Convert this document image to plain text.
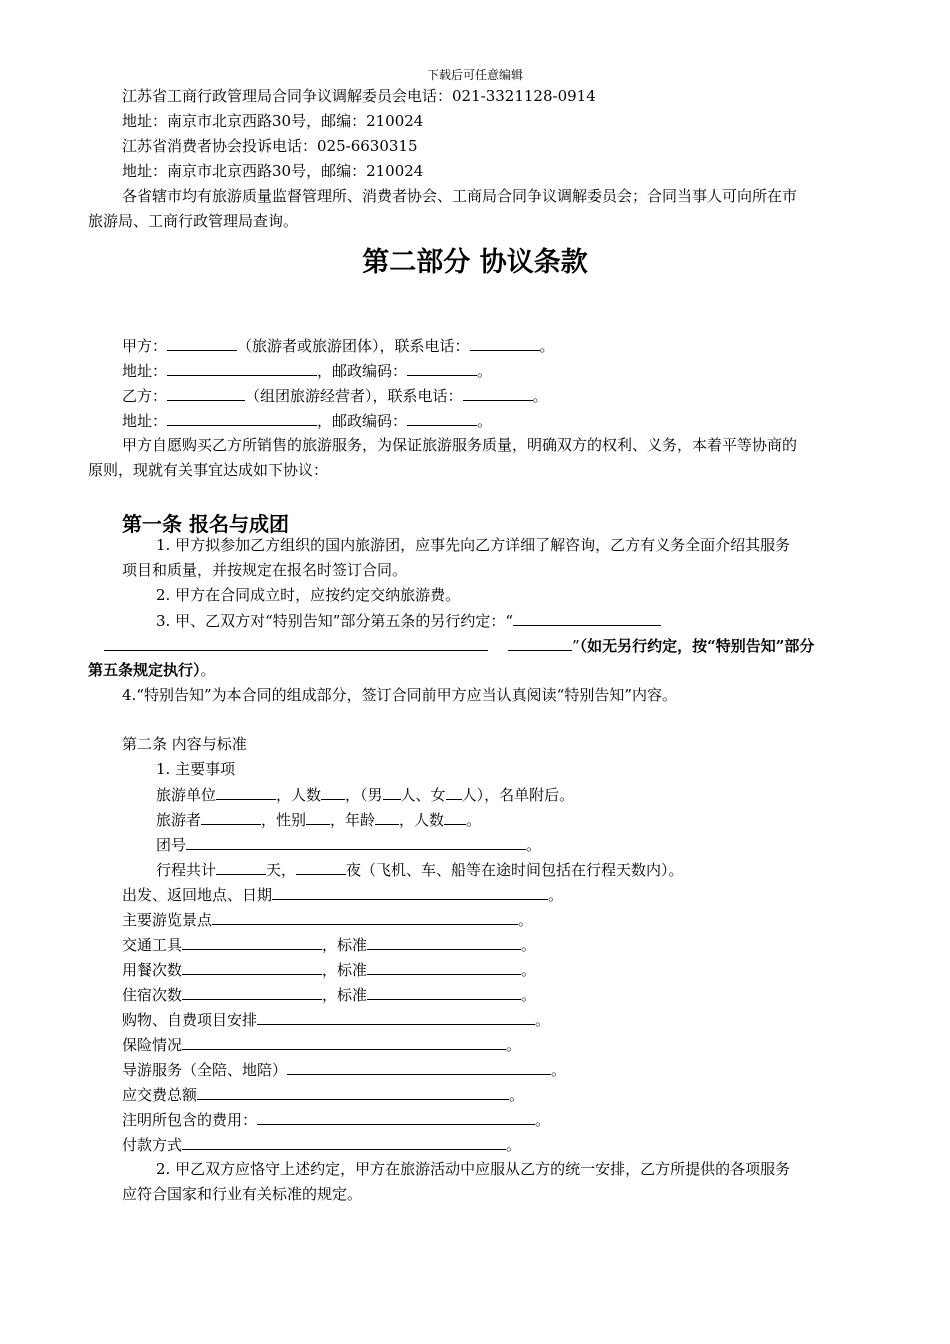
下载后可任意编辑
江苏省工商行政管理局合同争议调解委员会电话：021-3321128-0914
地址：南京市北京西路30号，邮编：210024
江苏省消费者协会投诉电话：025-6630315
地址：南京市北京西路30号，邮编：210024
各省辖市均有旅游质量监督管理所、消费者协会、工商局合同争议调解委员会；合同当事人可向所在市
旅游局、工商行政管理局查询。
第二部分 协议条款
甲方：	（旅游者或旅游团体），联系电话：	。
地址：	，邮政编码：	。
乙方：	（组团旅游经营者），联系电话：	。
地址：	，邮政编码：	。
甲方自愿购买乙方所销售的旅游服务，为保证旅游服务质量，明确双方的权利、义务，本着平等协商的
原则，现就有关事宜达成如下协议：
第一条 报名与成团
1. 甲方拟参加乙方组织的国内旅游团，应事先向乙方详细了解咨询，乙方有义务全面介绍其服务
项目和质量，并按规定在报名时签订合同。
2. 甲方在合同成立时，应按约定交纳旅游费。
3. 甲、乙双方对“特别告知”部分第五条的另行约定：“
”（如无另行约定，按“特别告知”部分
第五条规定执行）。
4.“特别告知”为本合同的组成部分，签订合同前甲方应当认真阅读“特别告知”内容。
第二条 内容与标准
1. 主要事项
旅游单位	，人数 ，（男 人、女 人），名单附后。
旅游者	，性别 ，年龄 ，人数 。
团号	。
行程共计	天，	夜（飞机、车、船等在途时间包括在行程天数内）。
出发、返回地点、日期	。
主要游览景点	。
交通工具	，标准	。
用餐次数	，标准	。
住宿次数	，标准	。
购物、自费项目安排	。
保险情况	。
导游服务（全陪、地陪）	。
应交费总额	。
注明所包含的费用：	。
付款方式	。
2. 甲乙双方应恪守上述约定，甲方在旅游活动中应服从乙方的统一安排，乙方所提供的各项服务
应符合国家和行业有关标准的规定。
